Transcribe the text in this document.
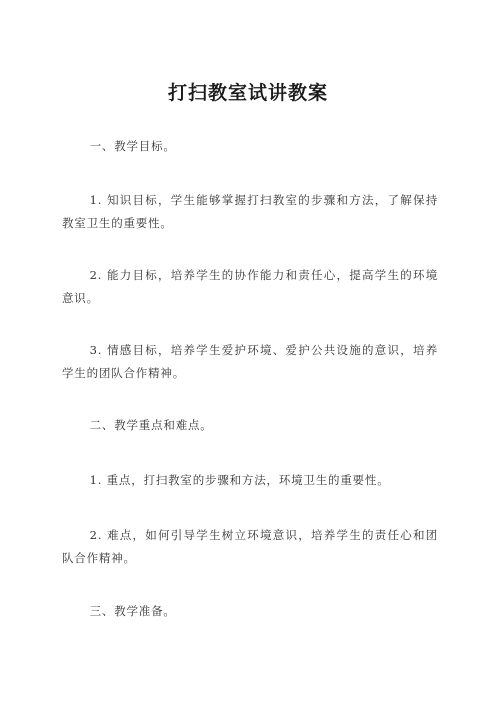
打扫教室试讲教案
一、教学目标。
1. 知识目标，学生能够掌握打扫教室的步骤和方法，了解保持教室卫生的重要性。
2. 能力目标，培养学生的协作能力和责任心，提高学生的环境意识。
3. 情感目标，培养学生爱护环境、爱护公共设施的意识，培养学生的团队合作精神。
二、教学重点和难点。
1. 重点，打扫教室的步骤和方法，环境卫生的重要性。
2. 难点，如何引导学生树立环境意识，培养学生的责任心和团队合作精神。
三、教学准备。
